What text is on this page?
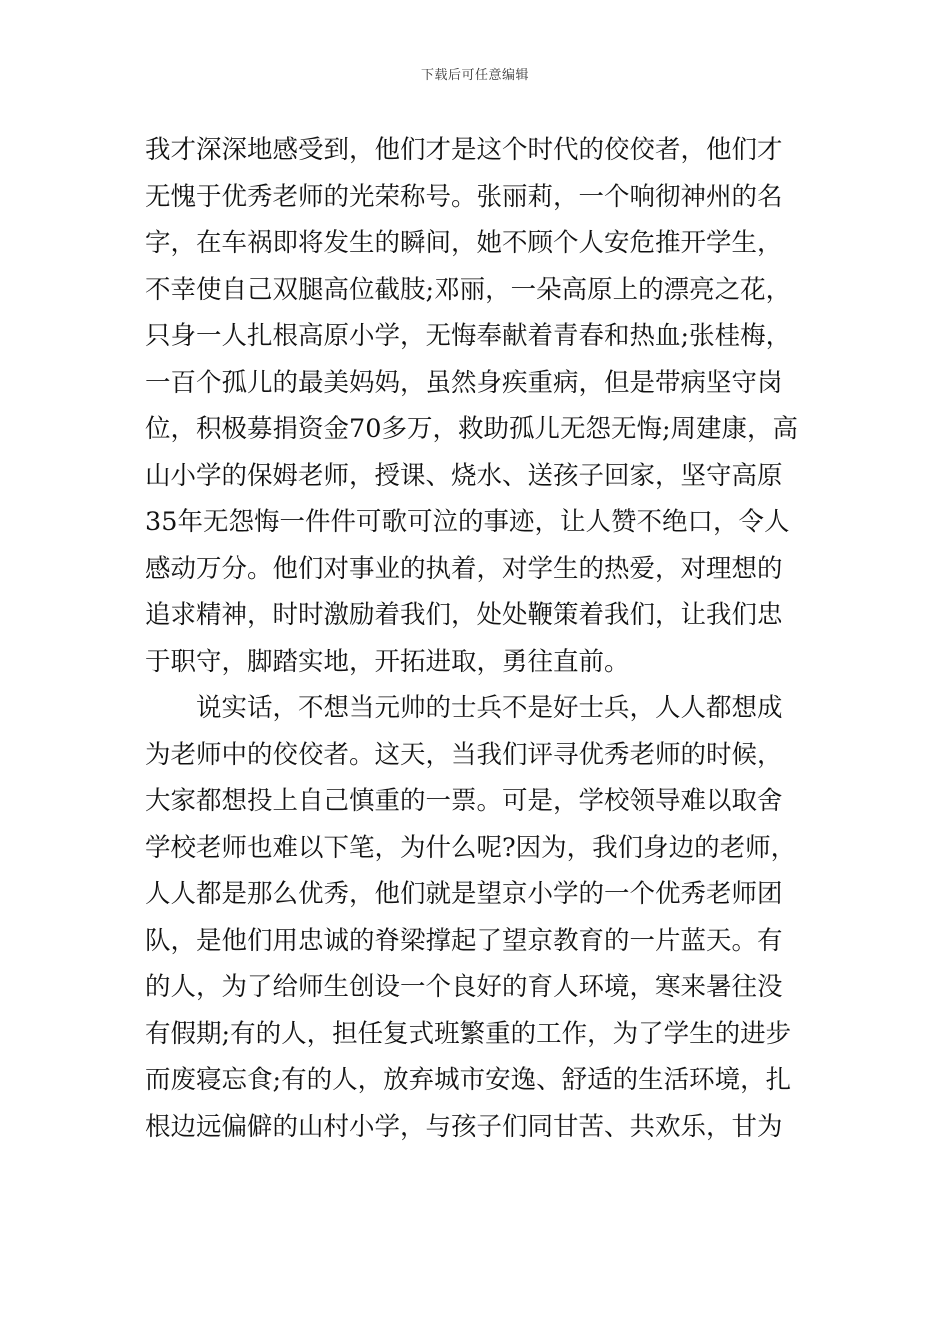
下载后可任意编辑
我才深深地感受到，他们才是这个时代的佼佼者，他们才
无愧于优秀老师的光荣称号。张丽莉，一个响彻神州的名
字，在车祸即将发生的瞬间，她不顾个人安危推开学生，
不幸使自己双腿高位截肢;邓丽，一朵高原上的漂亮之花，
只身一人扎根高原小学，无悔奉献着青春和热血;张桂梅，
一百个孤儿的最美妈妈，虽然身疾重病，但是带病坚守岗
位，积极募捐资金70多万，救助孤儿无怨无悔;周建康，高
山小学的保姆老师，授课、烧水、送孩子回家，坚守高原
35年无怨悔一件件可歌可泣的事迹，让人赞不绝口，令人
感动万分。他们对事业的执着，对学生的热爱，对理想的
追求精神，时时激励着我们，处处鞭策着我们，让我们忠
于职守，脚踏实地，开拓进取，勇往直前。
　　说实话，不想当元帅的士兵不是好士兵，人人都想成
为老师中的佼佼者。这天，当我们评寻优秀老师的时候，
大家都想投上自己慎重的一票。可是，学校领导难以取舍
学校老师也难以下笔，为什么呢?因为，我们身边的老师，
人人都是那么优秀，他们就是望京小学的一个优秀老师团
队，是他们用忠诚的脊梁撑起了望京教育的一片蓝天。有
的人，为了给师生创设一个良好的育人环境，寒来暑往没
有假期;有的人，担任复式班繁重的工作，为了学生的进步
而废寝忘食;有的人，放弃城市安逸、舒适的生活环境，扎
根边远偏僻的山村小学，与孩子们同甘苦、共欢乐，甘为
